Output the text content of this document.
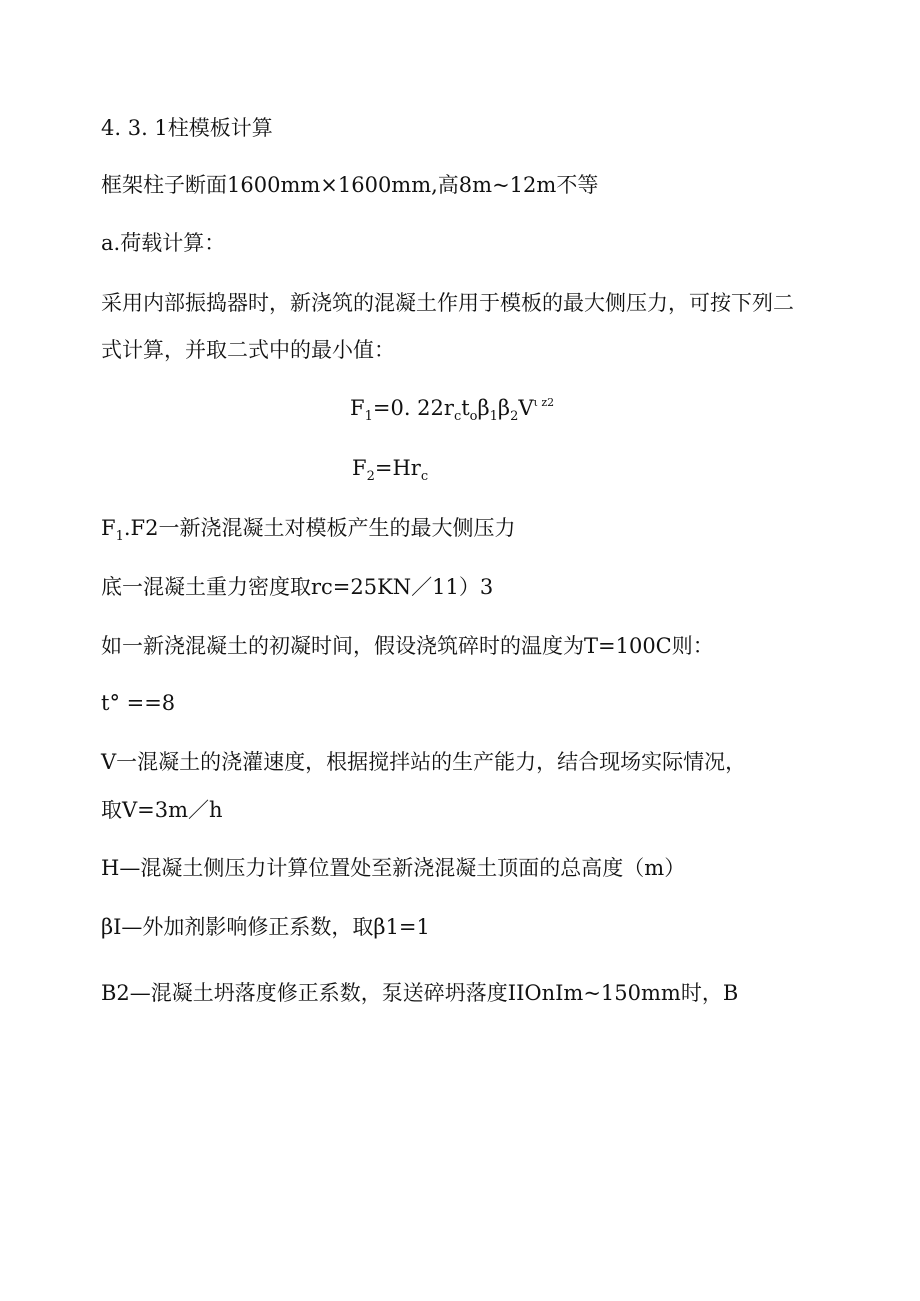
4. 3. 1柱模板计算
框架柱子断面1600mm×1600mm,高8m~12m不等
a.荷载计算：
采用内部振捣器时，新浇筑的混凝土作用于模板的最大侧压力，可按下列二
式计算，并取二式中的最小值：
$F_1=0$. $22r_ct_o\beta_1\beta_2V^{\iota z2}$
$F_2=Hr_c$
$F_1.F2$一新浇混凝土对模板产生的最大侧压力
底一混凝土重力密度取rc=25KN／11）3
如一新浇混凝土的初凝时间，假设浇筑碎时的温度为T=100C则：
t° ==8
V一混凝土的浇灌速度，根据搅拌站的生产能力，结合现场实际情况，
取V=3m／h
H—混凝土侧压力计算位置处至新浇混凝土顶面的总高度（m）
βI—外加剂影响修正系数，取β1=1
B2—混凝土坍落度修正系数，泵送碎坍落度IIOnIm~150mm时，B
